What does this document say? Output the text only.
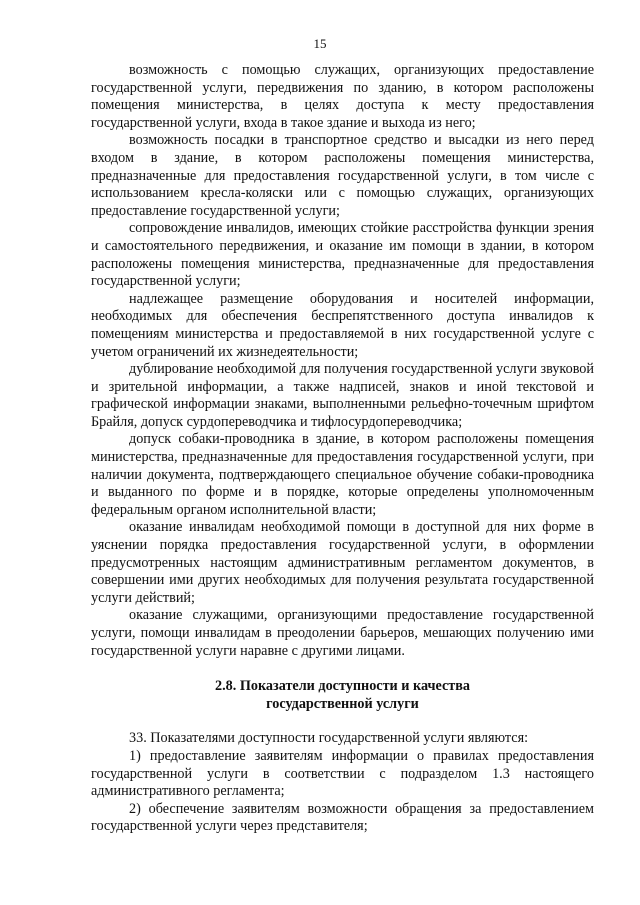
15

возможность с помощью служащих, организующих предоставление государственной услуги, передвижения по зданию, в котором расположены помещения министерства, в целях доступа к месту предоставления государственной услуги, входа в такое здание и выхода из него;

возможность посадки в транспортное средство и высадки из него перед входом в здание, в котором расположены помещения министерства, предназначенные для предоставления государственной услуги, в том числе с использованием кресла-коляски или с помощью служащих, организующих предоставление государственной услуги;

сопровождение инвалидов, имеющих стойкие расстройства функции зрения и самостоятельного передвижения, и оказание им помощи в здании, в котором расположены помещения министерства, предназначенные для предоставления государственной услуги;

надлежащее размещение оборудования и носителей информации, необходимых для обеспечения беспрепятственного доступа инвалидов к помещениям министерства и предоставляемой в них государственной услуге с учетом ограничений их жизнедеятельности;

дублирование необходимой для получения государственной услуги звуковой и зрительной информации, а также надписей, знаков и иной текстовой и графической информации знаками, выполненными рельефно-точечным шрифтом Брайля, допуск сурдопереводчика и тифлосурдопереводчика;

допуск собаки-проводника в здание, в котором расположены помещения министерства, предназначенные для предоставления государственной услуги, при наличии документа, подтверждающего специальное обучение собаки-проводника и выданного по форме и в порядке, которые определены уполномоченным федеральным органом исполнительной власти;

оказание инвалидам необходимой помощи в доступной для них форме в уяснении порядка предоставления государственной услуги, в оформлении предусмотренных настоящим административным регламентом документов, в совершении ими других необходимых для получения результата государственной услуги действий;

оказание служащими, организующими предоставление государственной услуги, помощи инвалидам в преодолении барьеров, мешающих получению ими государственной услуги наравне с другими лицами.

2.8. Показатели доступности и качества
государственной услуги

33. Показателями доступности государственной услуги являются:

1) предоставление заявителям информации о правилах предоставления государственной услуги в соответствии с подразделом 1.3 настоящего административного регламента;

2) обеспечение заявителям возможности обращения за предоставлением государственной услуги через представителя;
